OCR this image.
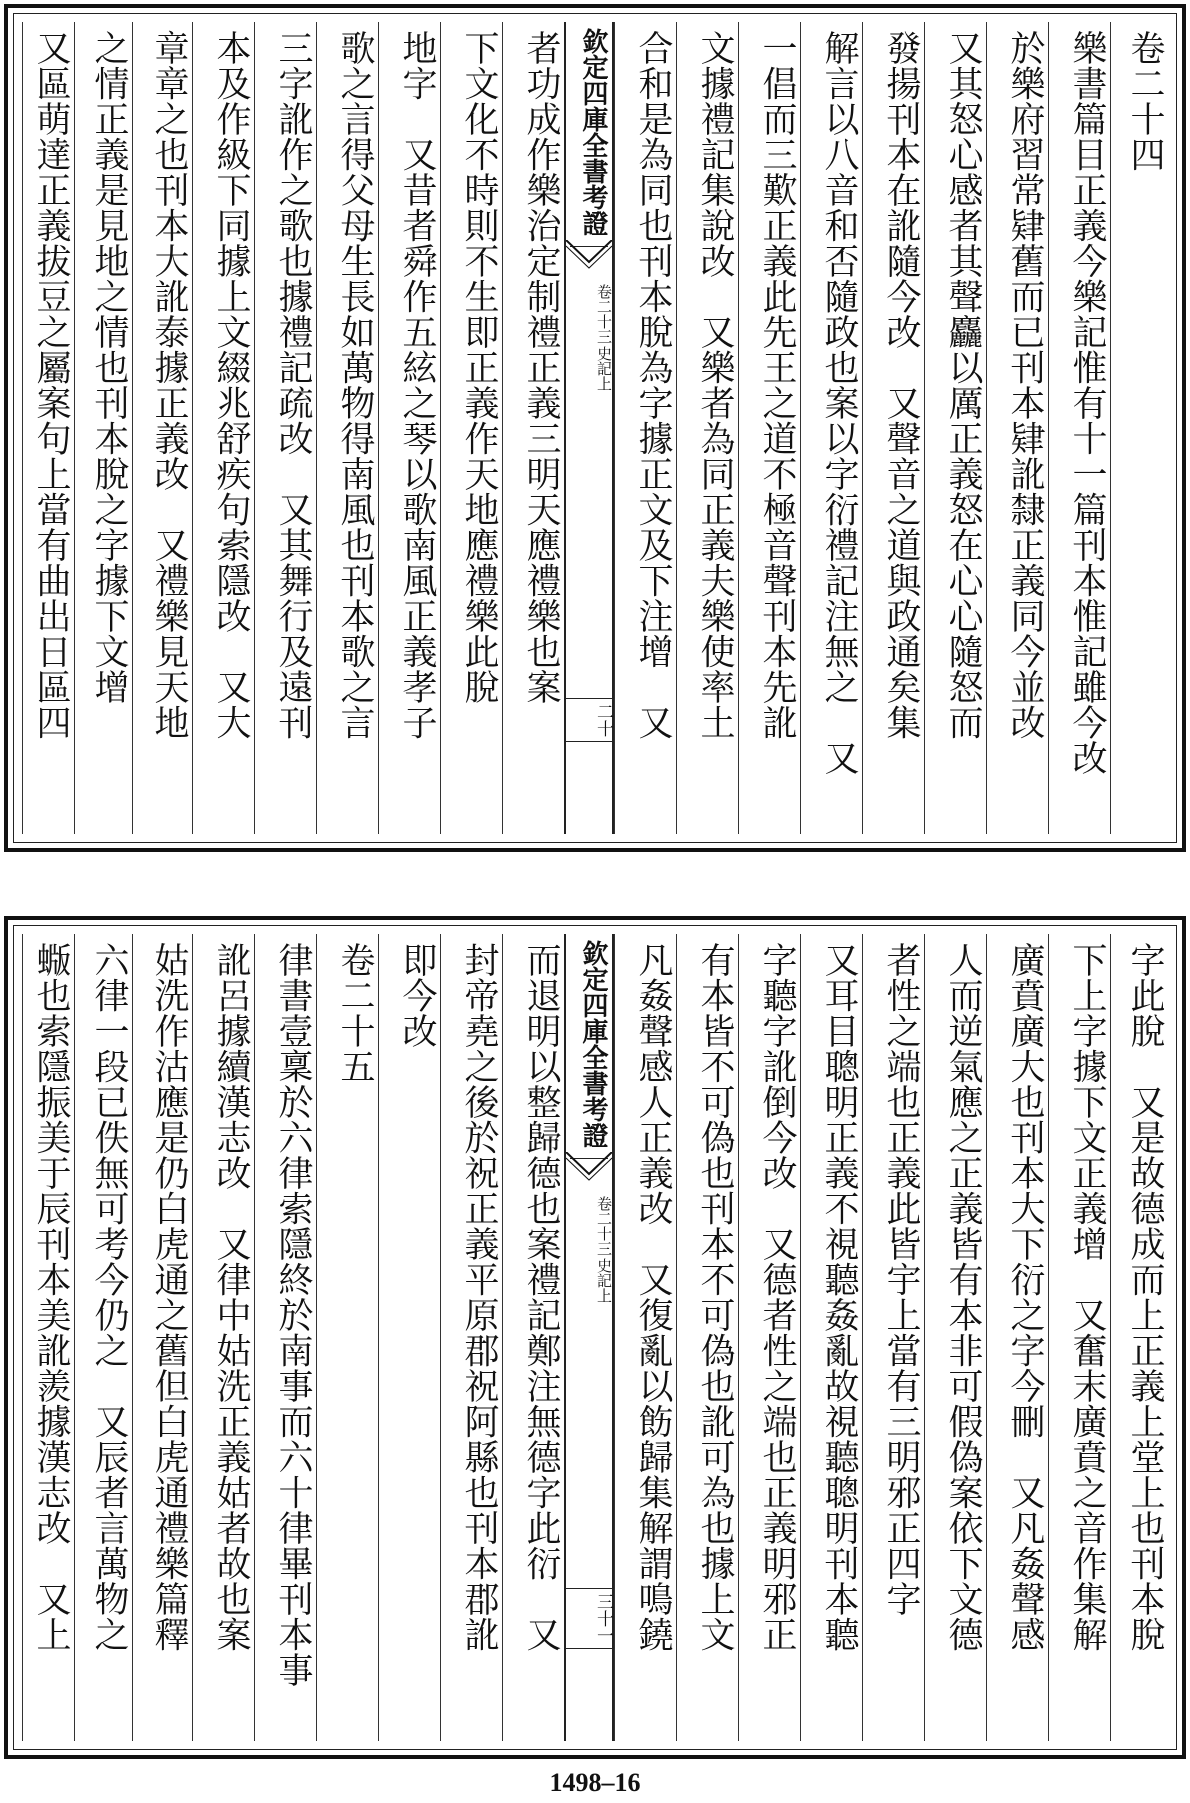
卷二十四
樂書篇目正義今樂記惟有十一篇刊本惟記雖今改
於樂府習常肄舊而已刊本肄訛隸正義同今並改
又其怒心感者其聲麤以厲正義怒在心心隨怒而
發揚刊本在訛隨今改　又聲音之道與政通矣集
解言以八音和否隨政也案以字衍禮記注無之　又
一倡而三歎正義此先王之道不極音聲刊本先訛
文據禮記集說改　又樂者為同正義夫樂使率土
合和是為同也刊本脫為字據正文及下注增　又
欽定四庫全書考證
史記上
卷二十三
二十
者功成作樂治定制禮正義三明天應禮樂也案
下文化不時則不生即正義作天地應禮樂此脫
地字　又昔者舜作五絃之琴以歌南風正義孝子
歌之言得父母生長如萬物得南風也刊本歌之言
三字訛作之歌也據禮記疏改　又其舞行及遠刊
本及作級下同據上文綴兆舒疾句索隱改　又大
章章之也刊本大訛泰據正義改　又禮樂見天地
之情正義是見地之情也刊本脫之字據下文增
又區萌達正義拔豆之屬案句上當有曲出日區四
字此脫　又是故德成而上正義上堂上也刊本脫
下上字據下文正義增　又奮末廣賁之音作集解
廣賁廣大也刊本大下衍之字今刪　又凡姦聲感
人而逆氣應之正義皆有本非可假偽案依下文德
者性之端也正義此皆宇上當有三明邪正四字
又耳目聰明正義不視聽姦亂故視聽聰明刊本聽
字聽字訛倒今改　又德者性之端也正義明邪正
有本皆不可偽也刊本不可偽也訛可為也據上文
凡姦聲感人正義改　又復亂以飭歸集解謂鳴鐃
欽定四庫全書考證
史記上
卷二十三
三十一
而退明以整歸德也案禮記鄭注無德字此衍　又
封帝堯之後於祝正義平原郡祝阿縣也刊本郡訛
即今改
卷二十五
律書壹稟於六律索隱終於南事而六十律畢刊本事
訛呂據續漢志改　又律中姑洗正義姑者故也案
姑洗作沽應是仍白虎通之舊但白虎通禮樂篇釋
六律一段已佚無可考今仍之　又辰者言萬物之
蝂也索隱振美于辰刊本美訛羨據漢志改　又上
1498–16
